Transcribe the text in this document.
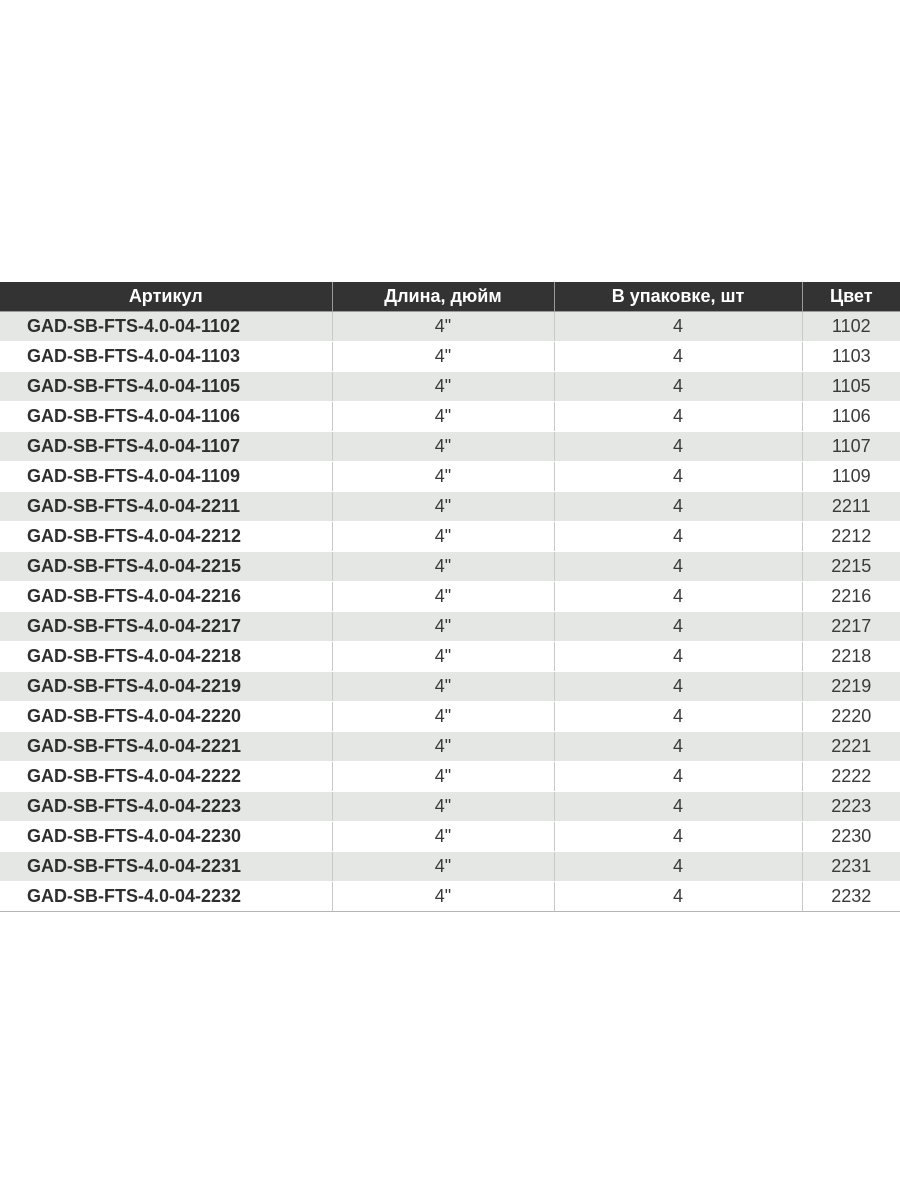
Артикул	Длина, дюйм	В упаковке, шт	Цвет
GAD-SB-FTS-4.0-04-1102	4"	4	1102
GAD-SB-FTS-4.0-04-1103	4"	4	1103
GAD-SB-FTS-4.0-04-1105	4"	4	1105
GAD-SB-FTS-4.0-04-1106	4"	4	1106
GAD-SB-FTS-4.0-04-1107	4"	4	1107
GAD-SB-FTS-4.0-04-1109	4"	4	1109
GAD-SB-FTS-4.0-04-2211	4"	4	2211
GAD-SB-FTS-4.0-04-2212	4"	4	2212
GAD-SB-FTS-4.0-04-2215	4"	4	2215
GAD-SB-FTS-4.0-04-2216	4"	4	2216
GAD-SB-FTS-4.0-04-2217	4"	4	2217
GAD-SB-FTS-4.0-04-2218	4"	4	2218
GAD-SB-FTS-4.0-04-2219	4"	4	2219
GAD-SB-FTS-4.0-04-2220	4"	4	2220
GAD-SB-FTS-4.0-04-2221	4"	4	2221
GAD-SB-FTS-4.0-04-2222	4"	4	2222
GAD-SB-FTS-4.0-04-2223	4"	4	2223
GAD-SB-FTS-4.0-04-2230	4"	4	2230
GAD-SB-FTS-4.0-04-2231	4"	4	2231
GAD-SB-FTS-4.0-04-2232	4"	4	2232
